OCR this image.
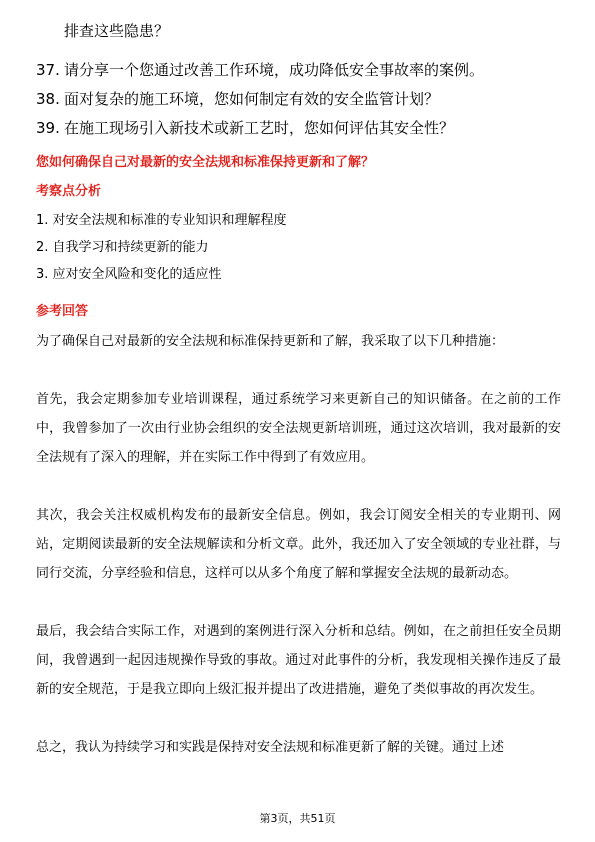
排查这些隐患？
37. 请分享一个您通过改善工作环境，成功降低安全事故率的案例。
38. 面对复杂的施工环境，您如何制定有效的安全监管计划？
39. 在施工现场引入新技术或新工艺时，您如何评估其安全性？
您如何确保自己对最新的安全法规和标准保持更新和了解？
考察点分析
1. 对安全法规和标准的专业知识和理解程度
2. 自我学习和持续更新的能力
3. 应对安全风险和变化的适应性
参考回答

为了确保自己对最新的安全法规和标准保持更新和了解，我采取了以下几种措施：

首先，我会定期参加专业培训课程，通过系统学习来更新自己的知识储备。在之前的工作中，我曾参加了一次由行业协会组织的安全法规更新培训班，通过这次培训，我对最新的安全法规有了深入的理解，并在实际工作中得到了有效应用。

其次，我会关注权威机构发布的最新安全信息。例如，我会订阅安全相关的专业期刊、网站，定期阅读最新的安全法规解读和分析文章。此外，我还加入了安全领域的专业社群，与同行交流，分享经验和信息，这样可以从多个角度了解和掌握安全法规的最新动态。

最后，我会结合实际工作，对遇到的案例进行深入分析和总结。例如，在之前担任安全员期间，我曾遇到一起因违规操作导致的事故。通过对此事件的分析，我发现相关操作违反了最新的安全规范，于是我立即向上级汇报并提出了改进措施，避免了类似事故的再次发生。

总之，我认为持续学习和实践是保持对安全法规和标准更新了解的关键。通过上述

第3页，共51页
